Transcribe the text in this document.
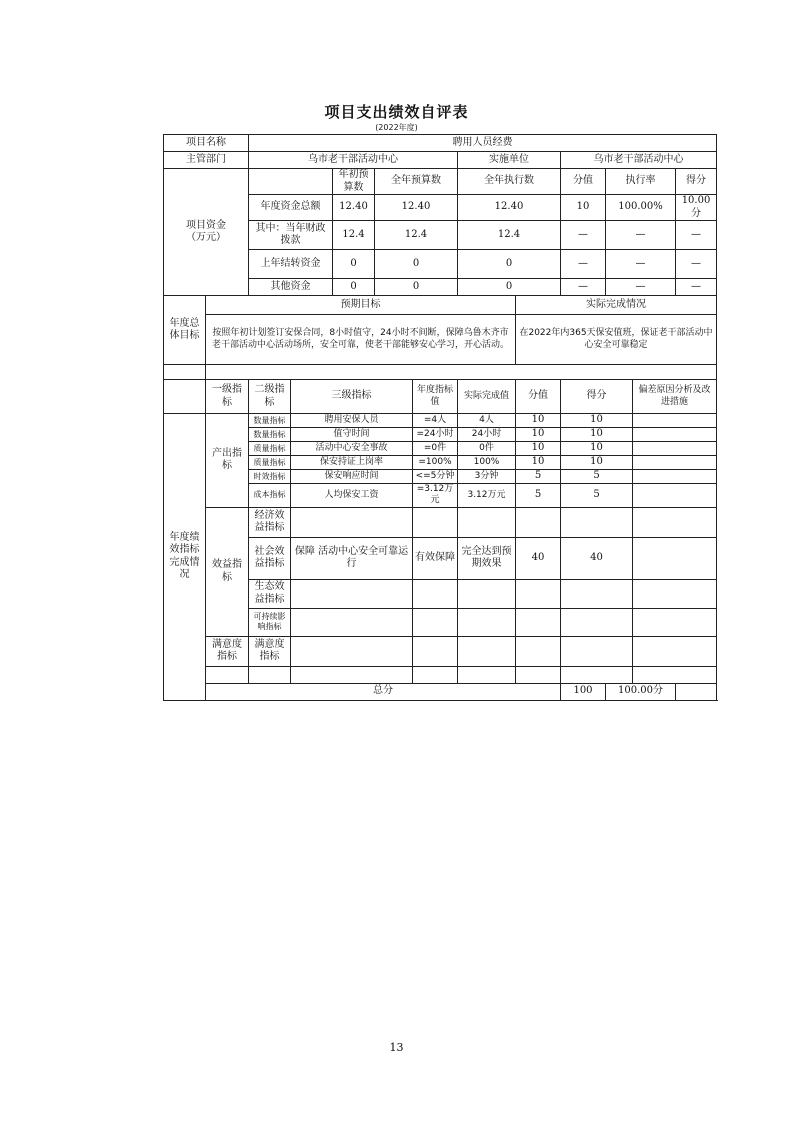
项目支出绩效自评表
(2022年度)
项目名称		聘用人员经费										
主管部门		乌市老干部活动中心					实施单位		乌市老干部活动中心			
项目资金
（万元）				年初预算数	全年预算数		全年执行数		分值	执行率		得分
		年度资金总额		12.40	12.40		12.40		10	100.00%		10.00分
		其中：当年财政拨款		12.4	12.4		12.4		—	—		—
		上年结转资金		0	0		0		—	—		—
		其他资金		0	0		0		—	—		—
年度总体目标	预期目标							实际完成情况				
	按照年初计划签订安保合同，8小时值守，24小时不间断，保障乌鲁木齐市老干部活动中心活动场所，安全可靠，使老干部能够安心学习，开心活动。							在2022年内365天保安值班，保证老干部活动中心安全可靠稳定				

	一级指标	二级指标	三级指标			年度指标值	实际完成值	分值	得分		偏差原因分析及改进措施	
年度绩效指标完成情况	产出指标	数量指标	聘用安保人员			=4人	4人	10	10			
		数量指标	值守时间			=24小时	24小时	10	10			
		质量指标	活动中心安全事故			=0件	0件	10	10			
		质量指标	保安持证上岗率			=100%	100%	10	10			
		时效指标	保安响应时间			<=5分钟	3分钟	5	5			
		成本指标	人均保安工资			=3.12万元	3.12万元	5	5			
	效益指标	经济效益指标										
		社会效益指标	保障 活动中心安全可靠运行			有效保障	完全达到预期效果	40	40			
		生态效益指标										
		可持续影响指标										
	满意度指标	满意度指标										

	总分								100	100.00分		
13
